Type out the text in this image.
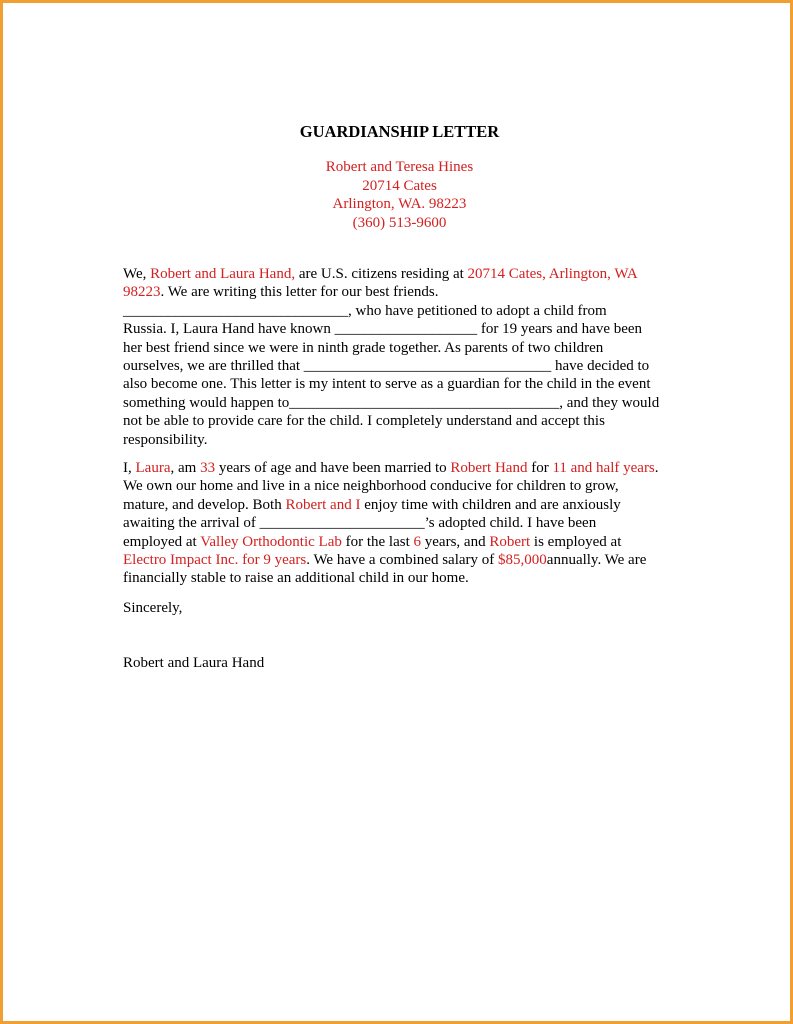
GUARDIANSHIP LETTER
Robert and Teresa Hines
20714 Cates
Arlington, WA. 98223
(360) 513-9600
We, Robert and Laura Hand, are U.S. citizens residing at 20714 Cates, Arlington, WA
98223. We are writing this letter for our best friends.
______________________________, who have petitioned to adopt a child from
Russia. I, Laura Hand have known ___________________ for 19 years and have been
her best friend since we were in ninth grade together. As parents of two children
ourselves, we are thrilled that _________________________________ have decided to
also become one. This letter is my intent to serve as a guardian for the child in the event
something would happen to____________________________________, and they would
not be able to provide care for the child. I completely understand and accept this
responsibility.
I, Laura, am 33 years of age and have been married to Robert Hand for 11 and half years.
We own our home and live in a nice neighborhood conducive for children to grow,
mature, and develop. Both Robert and I enjoy time with children and are anxiously
awaiting the arrival of ______________________’s adopted child. I have been
employed at Valley Orthodontic Lab for the last 6 years, and Robert is employed at
Electro Impact Inc. for 9 years. We have a combined salary of $85,000annually. We are
financially stable to raise an additional child in our home.
Sincerely,
Robert and Laura Hand
